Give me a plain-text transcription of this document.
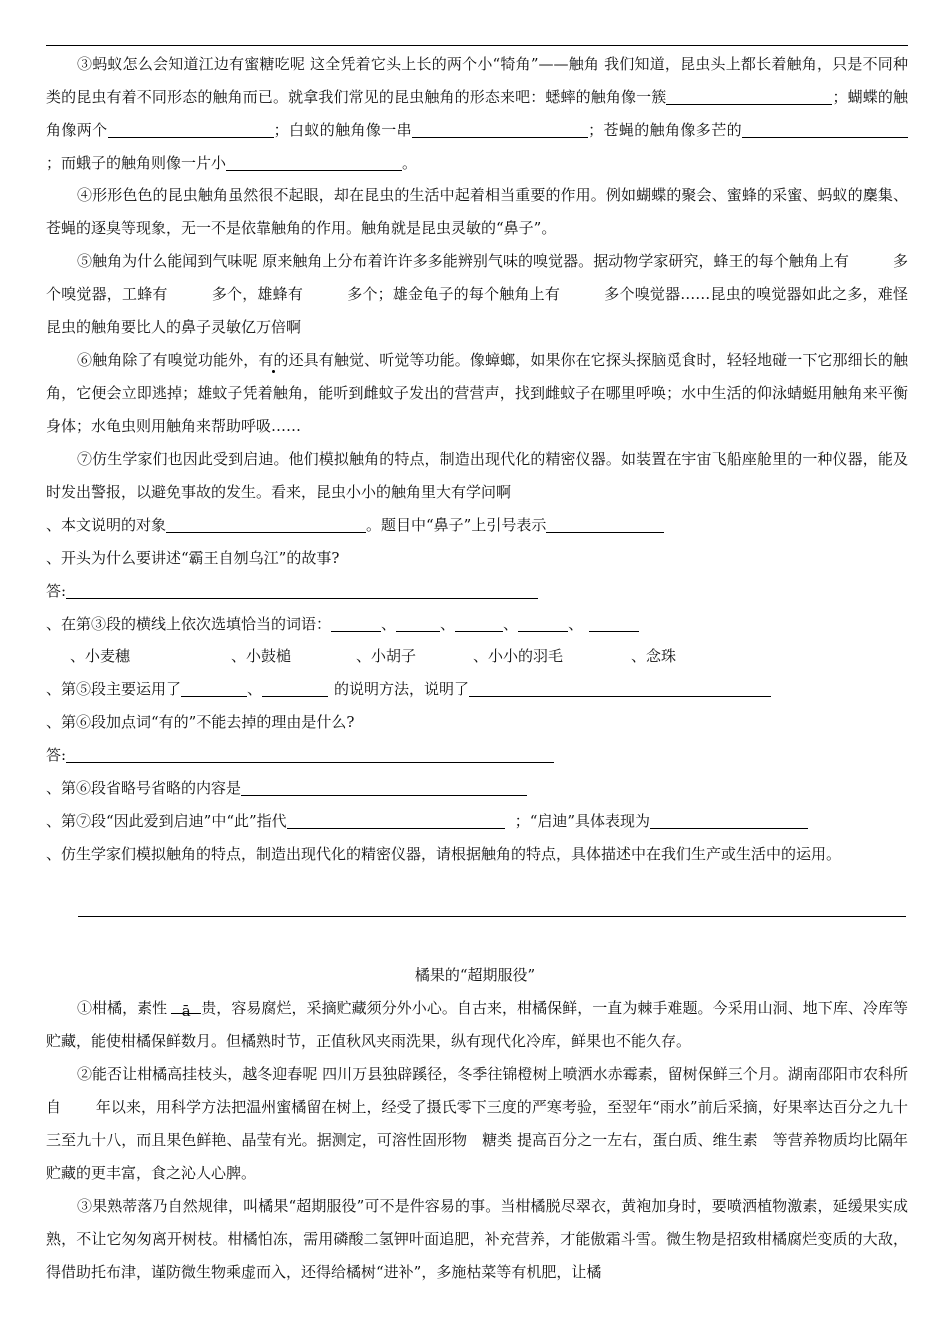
③蚂蚁怎么会知道江边有蜜糖吃呢 这全凭着它头上长的两个小“犄角”——触角 我们知道，昆虫头上都长着触角，只是不同种类的昆虫有着不同形态的触角而已。就拿我们常见的昆虫触角的形态来吧：蟋蟀的触角像一簇	；蝴蝶的触角像两个	；白蚁的触角像一串	；苍蝇的触角像多芒的；而蛾子的触角则像一片小	。
④形形色色的昆虫触角虽然很不起眼，却在昆虫的生活中起着相当重要的作用。例如蝴蝶的聚会、蜜蜂的采蜜、蚂蚁的麇集、苍蝇的逐臭等现象，无一不是依靠触角的作用。触角就是昆虫灵敏的“鼻子”。
⑤触角为什么能闻到气味呢 原来触角上分布着许许多多能辨别气味的嗅觉器。据动物学家研究，蜂王的每个触角上有	多个嗅觉器，工蜂有	多个，雄蜂有	多个；雄金龟子的每个触角上有	多个嗅觉器……昆虫的嗅觉器如此之多，难怪昆虫的触角要比人的鼻子灵敏亿万倍啊
⑥触角除了有嗅觉功能外，有的还具有触觉、听觉等功能。像蟑螂，如果你在它探头探脑觅食时，轻轻地碰一下它那细长的触角，它便会立即逃掉；雄蚊子凭着触角，能听到雌蚊子发出的营营声，找到雌蚊子在哪里呼唤；水中生活的仰泳蜻蜓用触角来平衡身体；水龟虫则用触角来帮助呼吸……
⑦仿生学家们也因此受到启迪。他们模拟触角的特点，制造出现代化的精密仪器。如装置在宇宙飞船座舱里的一种仪器，能及时发出警报，以避免事故的发生。看来，昆虫小小的触角里大有学问啊
、本文说明的对象	。题目中“鼻子”上引号表示
、开头为什么要讲述“霸王自刎乌江”的故事?
答:
、在第③段的横线上依次选填恰当的词语：	、	、	、	、
、小麦穗	、小鼓槌	、小胡子	、小小的羽毛	、念珠
、第⑤段主要运用了	、	的说明方法，说明了
、第⑥段加点词“有的”不能去掉的理由是什么?
答:
、第⑥段省略号省略的内容是
、第⑦段“因此爱到启迪”中“此”指代	；“启迪”具体表现为
、仿生学家们模拟触角的特点，制造出现代化的精密仪器，请根据触角的特点，具体描述中在我们生产或生活中的运用。
橘果的“超期服役”
①柑橘，素性 ā 贵，容易腐烂，采摘贮藏须分外小心。自古来，柑橘保鲜，一直为棘手难题。今采用山洞、地下库、冷库等贮藏，能使柑橘保鲜数月。但橘熟时节，正值秋风夹雨洗果，纵有现代化冷库，鲜果也不能久存。
②能否让柑橘高挂枝头，越冬迎春呢 四川万县独辟蹊径，冬季往锦橙树上喷洒水赤霉素，留树保鲜三个月。湖南邵阳市农科所自　　 年以来，用科学方法把温州蜜橘留在树上，经受了摄氏零下三度的严寒考验，至翌年“雨水”前后采摘，好果率达百分之九十三至九十八，而且果色鲜艳、晶莹有光。据测定，可溶性固形物　糖类 提高百分之一左右，蛋白质、维生素　等营养物质均比隔年贮藏的更丰富，食之沁人心脾。
③果熟蒂落乃自然规律，叫橘果“超期服役”可不是件容易的事。当柑橘脱尽翠衣，黄袍加身时，要喷洒植物激素，延缓果实成熟，不让它匆匆离开树枝。柑橘怕冻，需用磷酸二氢钾叶面追肥，补充营养，才能傲霜斗雪。微生物是招致柑橘腐烂变质的大敌，得借助托布津，谨防微生物乘虚而入，还得给橘树“进补”，多施枯菜等有机肥，让橘
